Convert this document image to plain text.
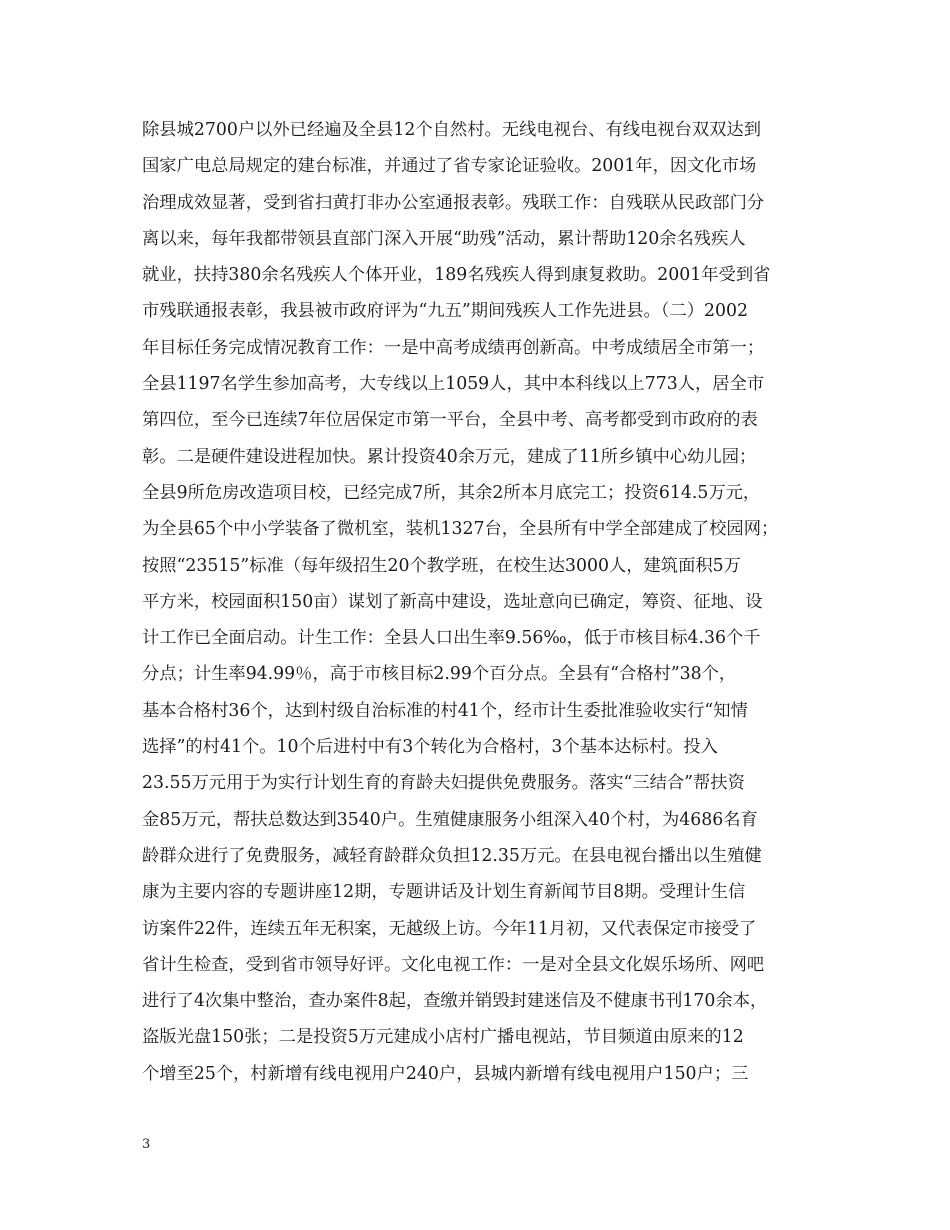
除县城2700户以外已经遍及全县12个自然村。无线电视台、有线电视台双双达到
国家广电总局规定的建台标准，并通过了省专家论证验收。2001年，因文化市场
治理成效显著，受到省扫黄打非办公室通报表彰。残联工作：自残联从民政部门分
离以来，每年我都带领县直部门深入开展“助残”活动，累计帮助120余名残疾人
就业，扶持380余名残疾人个体开业，189名残疾人得到康复救助。2001年受到省
市残联通报表彰，我县被市政府评为“九五”期间残疾人工作先进县。（二）2002
年目标任务完成情况教育工作：一是中高考成绩再创新高。中考成绩居全市第一；
全县1197名学生参加高考，大专线以上1059人，其中本科线以上773人，居全市
第四位，至今已连续7年位居保定市第一平台，全县中考、高考都受到市政府的表
彰。二是硬件建设进程加快。累计投资40余万元，建成了11所乡镇中心幼儿园；
全县9所危房改造项目校，已经完成7所，其余2所本月底完工；投资614.5万元，
为全县65个中小学装备了微机室，装机1327台，全县所有中学全部建成了校园网；
按照“23515”标准（每年级招生20个教学班，在校生达3000人，建筑面积5万
平方米，校园面积150亩）谋划了新高中建设，选址意向已确定，筹资、征地、设
计工作已全面启动。计生工作：全县人口出生率9.56‰，低于市核目标4.36个千
分点；计生率94.99％，高于市核目标2.99个百分点。全县有“合格村”38个，
基本合格村36个，达到村级自治标准的村41个，经市计生委批准验收实行“知情
选择”的村41个。10个后进村中有3个转化为合格村，3个基本达标村。投入
23.55万元用于为实行计划生育的育龄夫妇提供免费服务。落实“三结合”帮扶资
金85万元，帮扶总数达到3540户。生殖健康服务小组深入40个村，为4686名育
龄群众进行了免费服务，减轻育龄群众负担12.35万元。在县电视台播出以生殖健
康为主要内容的专题讲座12期，专题讲话及计划生育新闻节目8期。受理计生信
访案件22件，连续五年无积案，无越级上访。今年11月初，又代表保定市接受了
省计生检查，受到省市领导好评。文化电视工作：一是对全县文化娱乐场所、网吧
进行了4次集中整治，查办案件8起，查缴并销毁封建迷信及不健康书刊170余本，
盗版光盘150张；二是投资5万元建成小店村广播电视站，节目频道由原来的12
个增至25个，村新增有线电视用户240户，县城内新增有线电视用户150户；三
3
